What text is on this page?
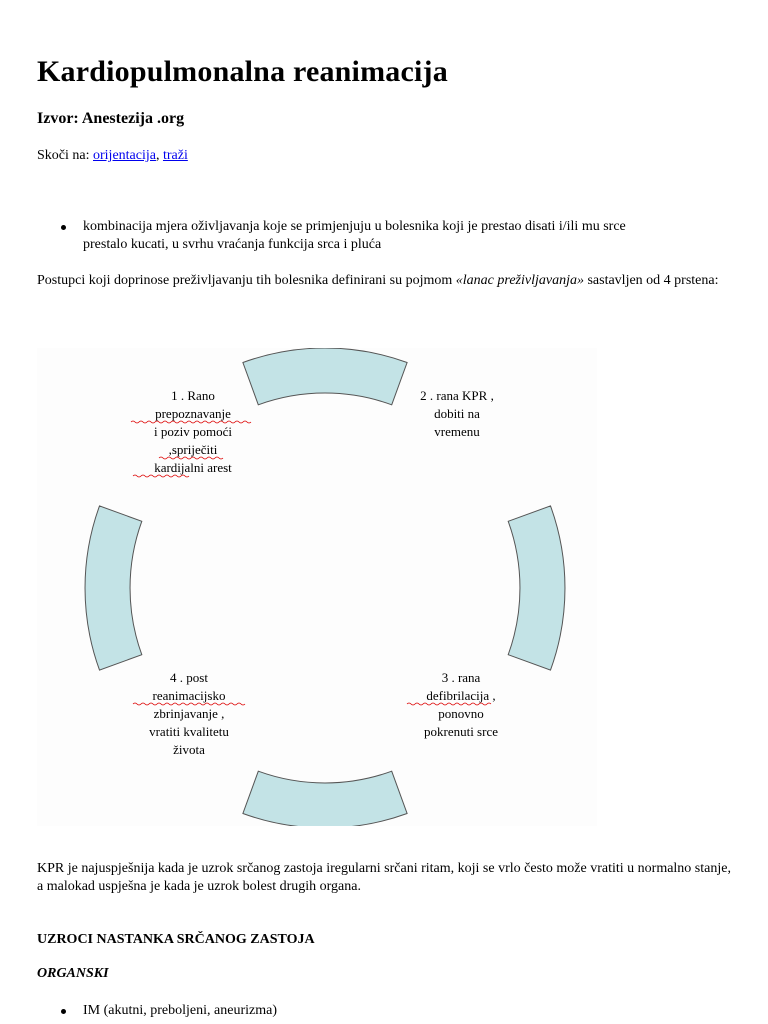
Kardiopulmonalna reanimacija

Izvor: Anestezija .org

Skoči na: orijentacija, traži

kombinacija mjera oživljavanja koje se primjenjuju u bolesnika koji je prestao disati i/ili mu srce
prestalo kucati, u svrhu vraćanja funkcija srca i pluća

Postupci koji doprinose preživljavanju tih bolesnika definirani su pojmom «lanac preživljavanja» sastavljen od 4 prstena:

1 . Rano
prepoznavanje
i poziv pomoći
,spriječiti
kardijalni arest
2 . rana KPR ,
dobiti na
vremenu
3 . rana
defibrilacija ,
ponovno
pokrenuti srce
4 . post
reanimacijsko
zbrinjavanje ,
vratiti kvalitetu
života

KPR je najuspješnija kada je uzrok srčanog zastoja iregularni srčani ritam, koji se vrlo često može vratiti u normalno stanje, a malokad uspješna je kada je uzrok bolest drugih organa.

UZROCI NASTANKA SRČANOG ZASTOJA

ORGANSKI

IM (akutni, preboljeni, aneurizma)
